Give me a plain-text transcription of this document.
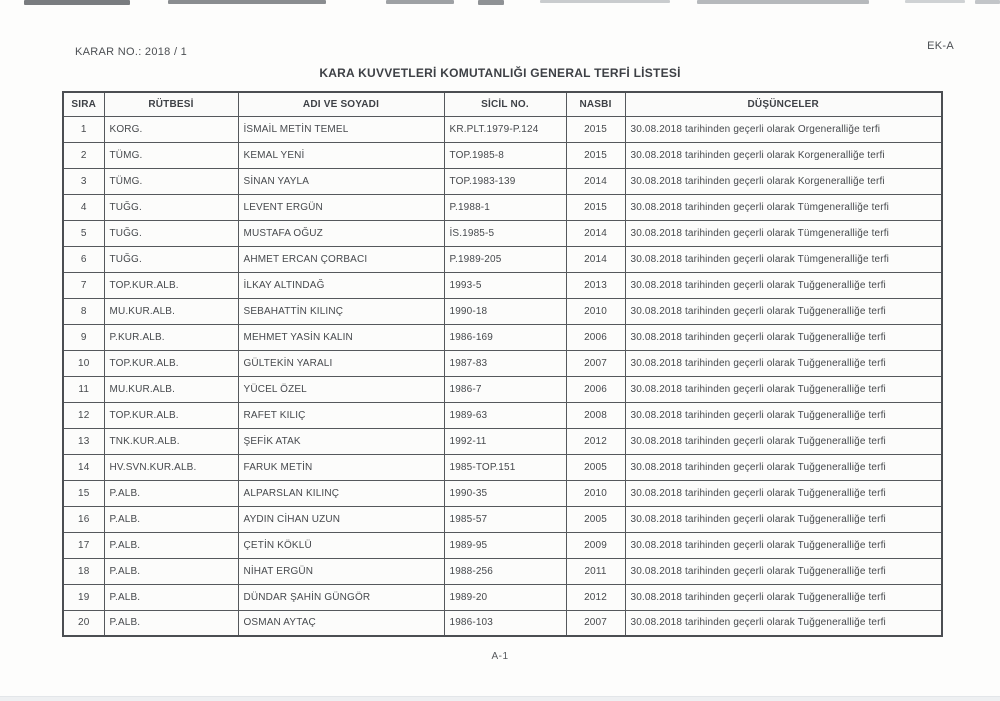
KARAR NO.: 2018 / 1	EK-A
KARA KUVVETLERİ KOMUTANLIĞI GENERAL TERFİ LİSTESİ
SIRA	RÜTBESİ	ADI VE SOYADI	SİCİL NO.	NASBI	DÜŞÜNCELER
1	KORG.	İSMAİL METİN TEMEL	KR.PLT.1979-P.124	2015	30.08.2018 tarihinden geçerli olarak Orgeneralliğe terfi
2	TÜMG.	KEMAL YENİ	TOP.1985-8	2015	30.08.2018 tarihinden geçerli olarak Korgeneralliğe terfi
3	TÜMG.	SİNAN YAYLA	TOP.1983-139	2014	30.08.2018 tarihinden geçerli olarak Korgeneralliğe terfi
4	TUĞG.	LEVENT ERGÜN	P.1988-1	2015	30.08.2018 tarihinden geçerli olarak Tümgeneralliğe terfi
5	TUĞG.	MUSTAFA OĞUZ	İS.1985-5	2014	30.08.2018 tarihinden geçerli olarak Tümgeneralliğe terfi
6	TUĞG.	AHMET ERCAN ÇORBACI	P.1989-205	2014	30.08.2018 tarihinden geçerli olarak Tümgeneralliğe terfi
7	TOP.KUR.ALB.	İLKAY ALTINDAĞ	1993-5	2013	30.08.2018 tarihinden geçerli olarak Tuğgeneralliğe terfi
8	MU.KUR.ALB.	SEBAHATTİN KILINÇ	1990-18	2010	30.08.2018 tarihinden geçerli olarak Tuğgeneralliğe terfi
9	P.KUR.ALB.	MEHMET YASİN KALIN	1986-169	2006	30.08.2018 tarihinden geçerli olarak Tuğgeneralliğe terfi
10	TOP.KUR.ALB.	GÜLTEKİN YARALI	1987-83	2007	30.08.2018 tarihinden geçerli olarak Tuğgeneralliğe terfi
11	MU.KUR.ALB.	YÜCEL ÖZEL	1986-7	2006	30.08.2018 tarihinden geçerli olarak Tuğgeneralliğe terfi
12	TOP.KUR.ALB.	RAFET KILIÇ	1989-63	2008	30.08.2018 tarihinden geçerli olarak Tuğgeneralliğe terfi
13	TNK.KUR.ALB.	ŞEFİK ATAK	1992-11	2012	30.08.2018 tarihinden geçerli olarak Tuğgeneralliğe terfi
14	HV.SVN.KUR.ALB.	FARUK METİN	1985-TOP.151	2005	30.08.2018 tarihinden geçerli olarak Tuğgeneralliğe terfi
15	P.ALB.	ALPARSLAN KILINÇ	1990-35	2010	30.08.2018 tarihinden geçerli olarak Tuğgeneralliğe terfi
16	P.ALB.	AYDIN CİHAN UZUN	1985-57	2005	30.08.2018 tarihinden geçerli olarak Tuğgeneralliğe terfi
17	P.ALB.	ÇETİN KÖKLÜ	1989-95	2009	30.08.2018 tarihinden geçerli olarak Tuğgeneralliğe terfi
18	P.ALB.	NİHAT ERGÜN	1988-256	2011	30.08.2018 tarihinden geçerli olarak Tuğgeneralliğe terfi
19	P.ALB.	DÜNDAR ŞAHİN GÜNGÖR	1989-20	2012	30.08.2018 tarihinden geçerli olarak Tuğgeneralliğe terfi
20	P.ALB.	OSMAN AYTAÇ	1986-103	2007	30.08.2018 tarihinden geçerli olarak Tuğgeneralliğe terfi
A-1
